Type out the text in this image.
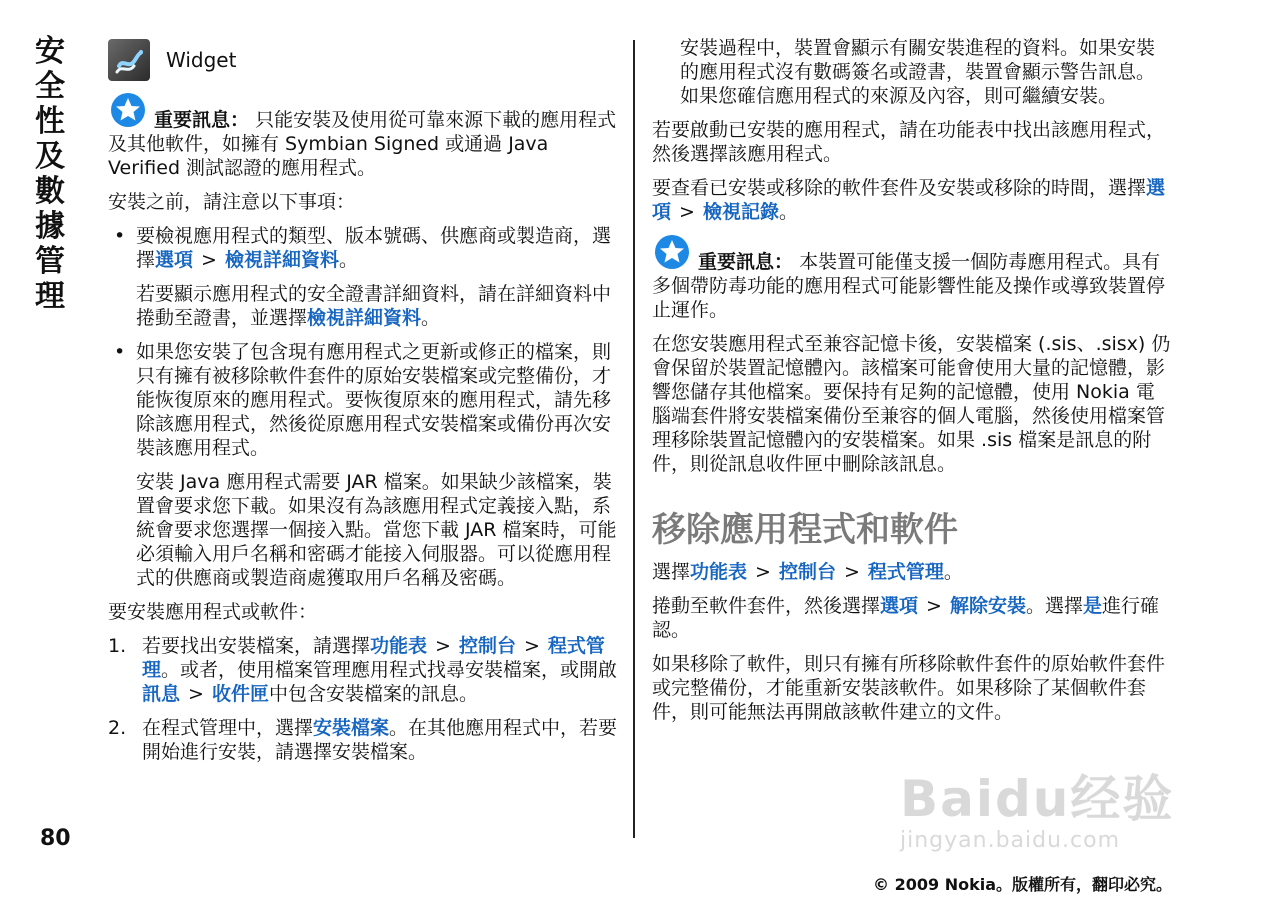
安全性及數據管理
80
Widget

重要訊息： 只能安裝及使用從可靠來源下載的應用程式及其他軟件，如擁有 Symbian Signed 或通過 Java Verified 測試認證的應用程式。

安裝之前，請注意以下事項：

• 要檢視應用程式的類型、版本號碼、供應商或製造商，選擇選項 > 檢視詳細資料。

若要顯示應用程式的安全證書詳細資料，請在詳細資料中捲動至證書，並選擇檢視詳細資料。

• 如果您安裝了包含現有應用程式之更新或修正的檔案，則只有擁有被移除軟件套件的原始安裝檔案或完整備份，才能恢復原來的應用程式。要恢復原來的應用程式，請先移除該應用程式，然後從原應用程式安裝檔案或備份再次安裝該應用程式。

安裝 Java 應用程式需要 JAR 檔案。如果缺少該檔案，裝置會要求您下載。如果沒有為該應用程式定義接入點，系統會要求您選擇一個接入點。當您下載 JAR 檔案時，可能必須輸入用戶名稱和密碼才能接入伺服器。可以從應用程式的供應商或製造商處獲取用戶名稱及密碼。

要安裝應用程式或軟件：

1. 若要找出安裝檔案，請選擇功能表 > 控制台 > 程式管理。或者，使用檔案管理應用程式找尋安裝檔案，或開啟訊息 > 收件匣中包含安裝檔案的訊息。

2. 在程式管理中，選擇安裝檔案。在其他應用程式中，若要開始進行安裝，請選擇安裝檔案。

安裝過程中，裝置會顯示有關安裝進程的資料。如果安裝的應用程式沒有數碼簽名或證書，裝置會顯示警告訊息。如果您確信應用程式的來源及內容，則可繼續安裝。

若要啟動已安裝的應用程式，請在功能表中找出該應用程式，然後選擇該應用程式。

要查看已安裝或移除的軟件套件及安裝或移除的時間，選擇選項 > 檢視記錄。

重要訊息： 本裝置可能僅支援一個防毒應用程式。具有多個帶防毒功能的應用程式可能影響性能及操作或導致裝置停止運作。

在您安裝應用程式至兼容記憶卡後，安裝檔案 (.sis、.sisx) 仍會保留於裝置記憶體內。該檔案可能會使用大量的記憶體，影響您儲存其他檔案。要保持有足夠的記憶體，使用 Nokia 電腦端套件將安裝檔案備份至兼容的個人電腦，然後使用檔案管理移除裝置記憶體內的安裝檔案。如果 .sis 檔案是訊息的附件，則從訊息收件匣中刪除該訊息。

移除應用程式和軟件

選擇功能表 > 控制台 > 程式管理。

捲動至軟件套件，然後選擇選項 > 解除安裝。選擇是進行確認。

如果移除了軟件，則只有擁有所移除軟件套件的原始軟件套件或完整備份，才能重新安裝該軟件。如果移除了某個軟件套件，則可能無法再開啟該軟件建立的文件。

Baidu经验
jingyan.baidu.com
© 2009 Nokia。版權所有，翻印必究。
